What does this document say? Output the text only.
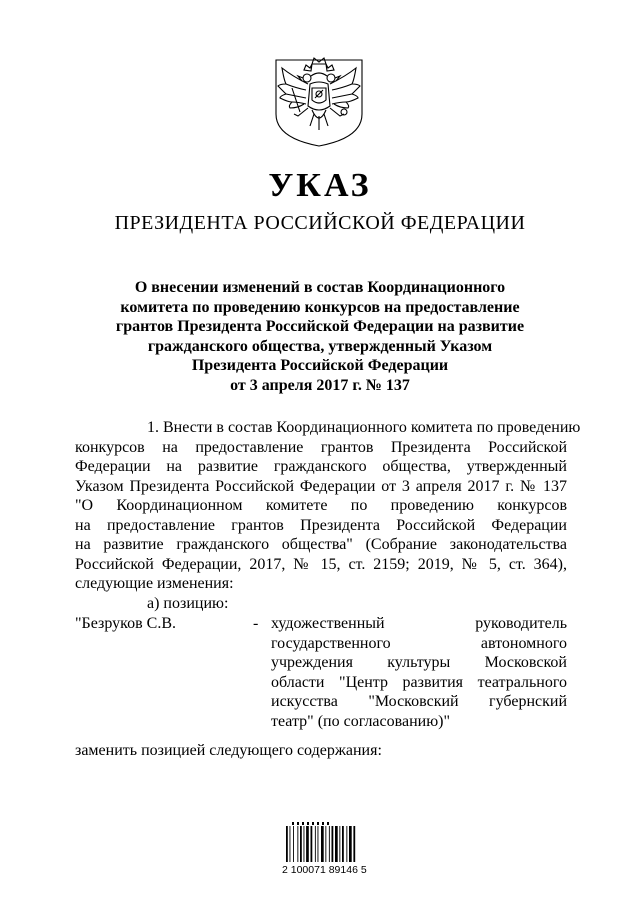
УКАЗ
ПРЕЗИДЕНТА РОССИЙСКОЙ ФЕДЕРАЦИИ
О внесении изменений в состав Координационного
комитета по проведению конкурсов на предоставление
грантов Президента Российской Федерации на развитие
гражданского общества, утвержденный Указом
Президента Российской Федерации
от 3 апреля 2017 г. № 137
1. Внести в состав Координационного комитета по проведению
конкурсов на предоставление грантов Президента Российской
Федерации на развитие гражданского общества, утвержденный
Указом Президента Российской Федерации от 3 апреля 2017 г. № 137
"О Координационном комитете по проведению конкурсов
на предоставление грантов Президента Российской Федерации
на развитие гражданского общества" (Собрание законодательства
Российской Федерации, 2017, № 15, ст. 2159; 2019, № 5, ст. 364),
следующие изменения:
а) позицию:
"Безруков С.В.	- художественный руководитель
государственного автономного
учреждения культуры Московской
области "Центр развития театрального
искусства "Московский губернский
театр" (по согласованию)"
заменить позицией следующего содержания:
2 100071 89146 5
